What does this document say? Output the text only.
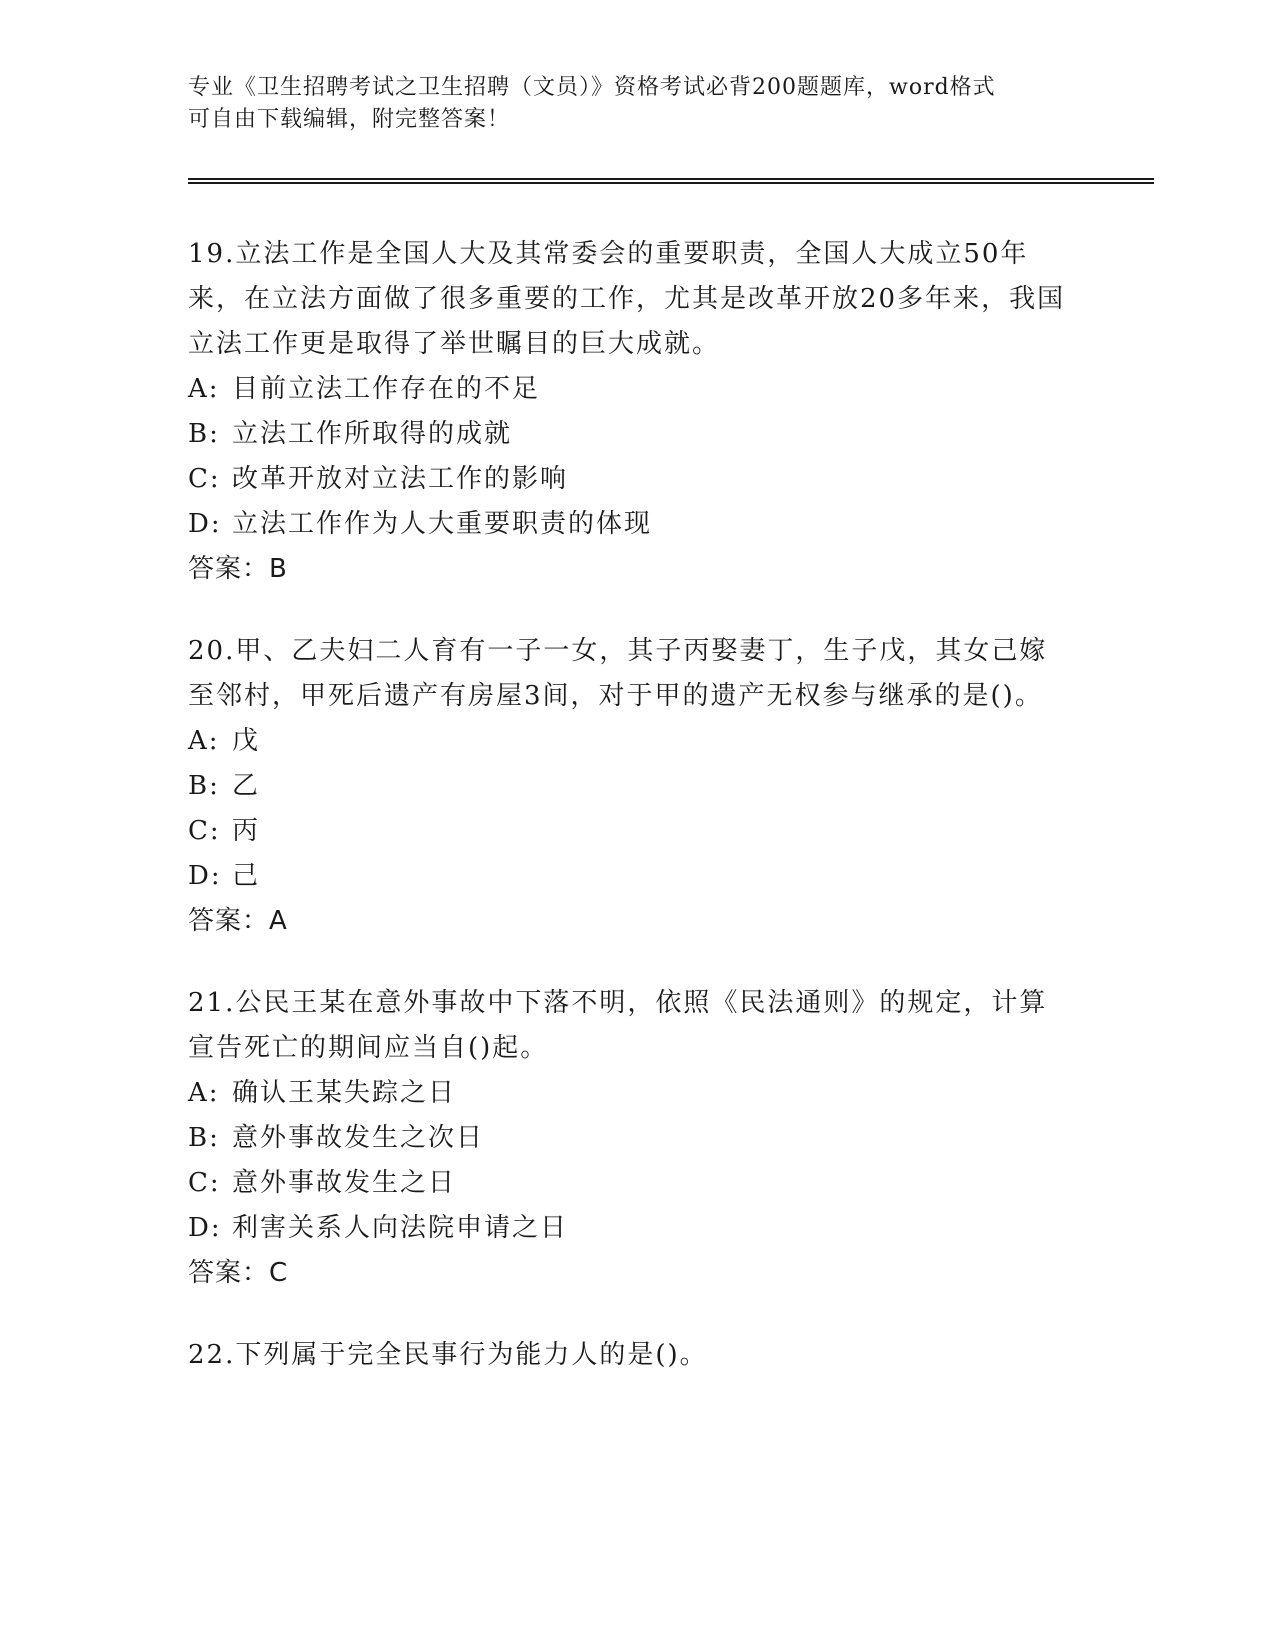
专业《卫生招聘考试之卫生招聘（文员）》资格考试必背200题题库，word格式
可自由下载编辑，附完整答案！

19.立法工作是全国人大及其常委会的重要职责，全国人大成立50年来，在立法方面做了很多重要的工作，尤其是改革开放20多年来，我国立法工作更是取得了举世瞩目的巨大成就。

A: 目前立法工作存在的不足
B: 立法工作所取得的成就
C: 改革开放对立法工作的影响
D: 立法工作作为人大重要职责的体现

答案：B

20.甲、乙夫妇二人育有一子一女，其子丙娶妻丁，生子戊，其女己嫁至邻村，甲死后遗产有房屋3间，对于甲的遗产无权参与继承的是()。

A: 戊
B: 乙
C: 丙
D: 己

答案：A

21.公民王某在意外事故中下落不明，依照《民法通则》的规定，计算宣告死亡的期间应当自()起。

A: 确认王某失踪之日
B: 意外事故发生之次日
C: 意外事故发生之日
D: 利害关系人向法院申请之日

答案：C

22.下列属于完全民事行为能力人的是()。
